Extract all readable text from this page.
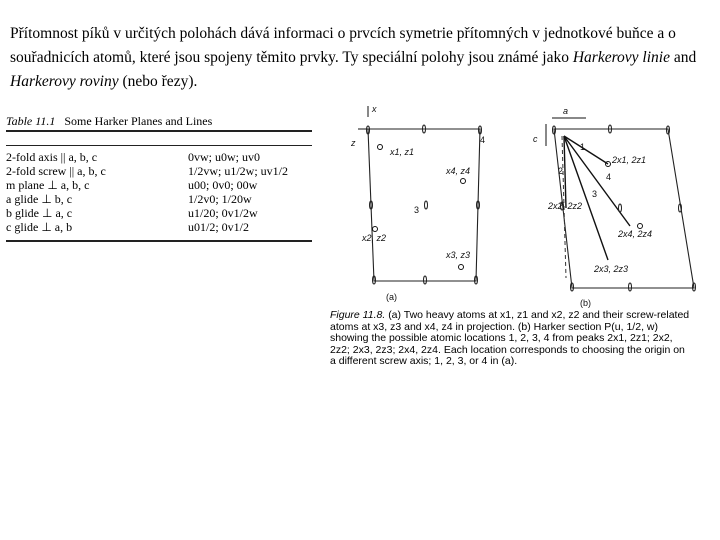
Přítomnost píků v určitých polohách dává informaci o prvcích symetrie přítomných v jednotkové buňce a o souřadnicích atomů, které jsou spojeny těmito prvky. Ty speciální polohy jsou známé jako Harkerovy linie and Harkerovy roviny (nebo řezy).
Table 11.1 Some Harker Planes and Lines
2-fold axis || a, b, c	0vw; u0w; uv0
2-fold screw || a, b, c	1/2vw; u1/2w; uv1/2
m plane ⊥ a, b, c	u00; 0v0; 00w
a glide ⊥ b, c	1/2v0; 1/20w
b glide ⊥ a, c	u1/20; 0v1/2w
c glide ⊥ a, b	u01/2; 0v1/2
x
z	4
x1, z1
x4, z4
3
x2, z2
x3, z3
(a)
a
c
1
2
3
4
2x1, 2z1
2x2, 2z2
2x4, 2z4
2x3, 2z3
(b)
Figure 11.8. (a) Two heavy atoms at x1, z1 and x2, z2 and their screw-related atoms at x3, z3 and x4, z4 in projection. (b) Harker section P(u, 1/2, w) showing the possible atomic locations 1, 2, 3, 4 from peaks 2x1, 2z1; 2x2, 2z2; 2x3, 2z3; 2x4, 2z4. Each location corresponds to choosing the origin on a different screw axis; 1, 2, 3, or 4 in (a).
